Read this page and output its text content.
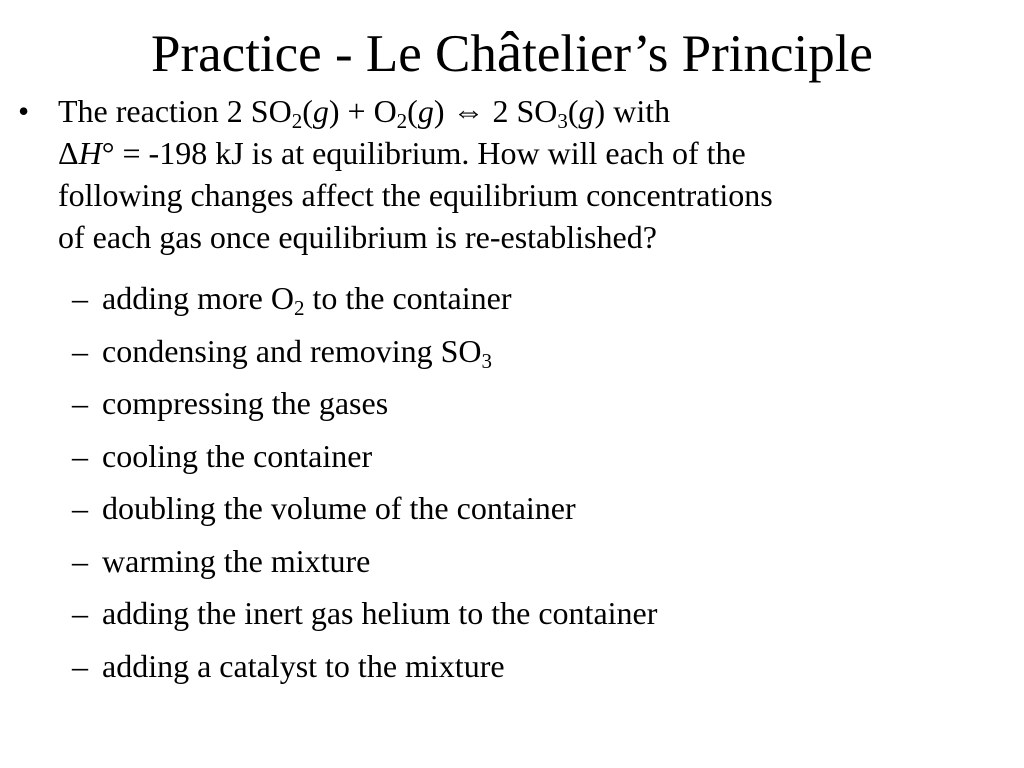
Practice - Le Châtelier’s Principle
• The reaction 2 $SO_2(g) + O_2(g)$ ⇔ 2 $SO_3(g)$ with
ΔH° = -198 kJ is at equilibrium. How will each of the
following changes affect the equilibrium concentrations
of each gas once equilibrium is re-established?
– adding more $O_2$ to the container
– condensing and removing $SO_3$
– compressing the gases
– cooling the container
– doubling the volume of the container
– warming the mixture
– adding the inert gas helium to the container
– adding a catalyst to the mixture
